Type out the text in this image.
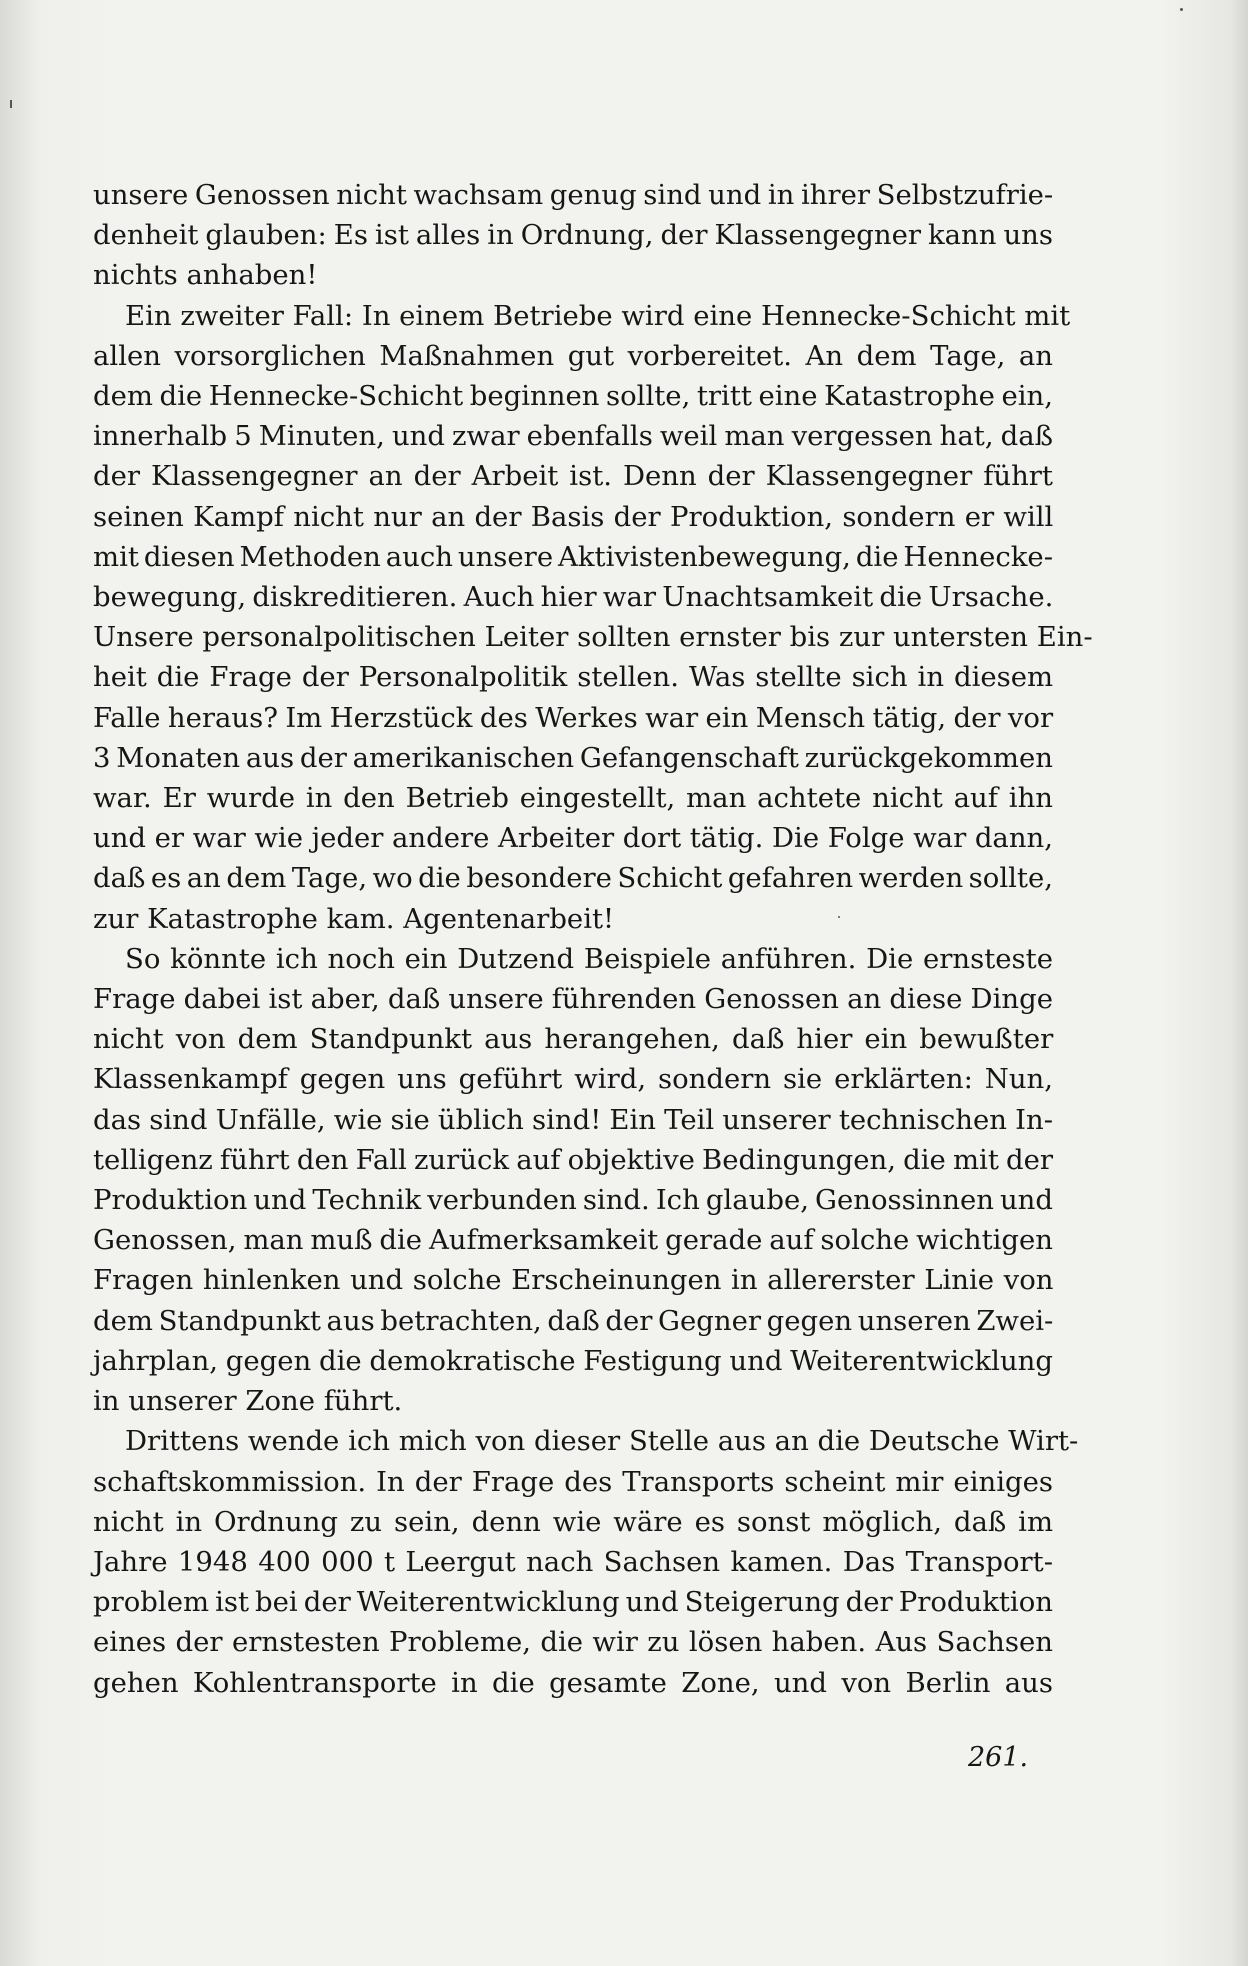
unsere Genossen nicht wachsam genug sind und in ihrer Selbstzufrie-
denheit glauben: Es ist alles in Ordnung, der Klassengegner kann uns
nichts anhaben!
Ein zweiter Fall: In einem Betriebe wird eine Hennecke-Schicht mit
allen vorsorglichen Maßnahmen gut vorbereitet. An dem Tage, an
dem die Hennecke-Schicht beginnen sollte, tritt eine Katastrophe ein,
innerhalb 5 Minuten, und zwar ebenfalls weil man vergessen hat, daß
der Klassengegner an der Arbeit ist. Denn der Klassengegner führt
seinen Kampf nicht nur an der Basis der Produktion, sondern er will
mit diesen Methoden auch unsere Aktivistenbewegung, die Hennecke-
bewegung, diskreditieren. Auch hier war Unachtsamkeit die Ursache.
Unsere personalpolitischen Leiter sollten ernster bis zur untersten Ein-
heit die Frage der Personalpolitik stellen. Was stellte sich in diesem
Falle heraus? Im Herzstück des Werkes war ein Mensch tätig, der vor
3 Monaten aus der amerikanischen Gefangenschaft zurückgekommen
war. Er wurde in den Betrieb eingestellt, man achtete nicht auf ihn
und er war wie jeder andere Arbeiter dort tätig. Die Folge war dann,
daß es an dem Tage, wo die besondere Schicht gefahren werden sollte,
zur Katastrophe kam. Agentenarbeit!
So könnte ich noch ein Dutzend Beispiele anführen. Die ernsteste
Frage dabei ist aber, daß unsere führenden Genossen an diese Dinge
nicht von dem Standpunkt aus herangehen, daß hier ein bewußter
Klassenkampf gegen uns geführt wird, sondern sie erklärten: Nun,
das sind Unfälle, wie sie üblich sind! Ein Teil unserer technischen In-
telligenz führt den Fall zurück auf objektive Bedingungen, die mit der
Produktion und Technik verbunden sind. Ich glaube, Genossinnen und
Genossen, man muß die Aufmerksamkeit gerade auf solche wichtigen
Fragen hinlenken und solche Erscheinungen in allererster Linie von
dem Standpunkt aus betrachten, daß der Gegner gegen unseren Zwei-
jahrplan, gegen die demokratische Festigung und Weiterentwicklung
in unserer Zone führt.
Drittens wende ich mich von dieser Stelle aus an die Deutsche Wirt-
schaftskommission. In der Frage des Transports scheint mir einiges
nicht in Ordnung zu sein, denn wie wäre es sonst möglich, daß im
Jahre 1948 400 000 t Leergut nach Sachsen kamen. Das Transport-
problem ist bei der Weiterentwicklung und Steigerung der Produktion
eines der ernstesten Probleme, die wir zu lösen haben. Aus Sachsen
gehen Kohlentransporte in die gesamte Zone, und von Berlin aus
261.
